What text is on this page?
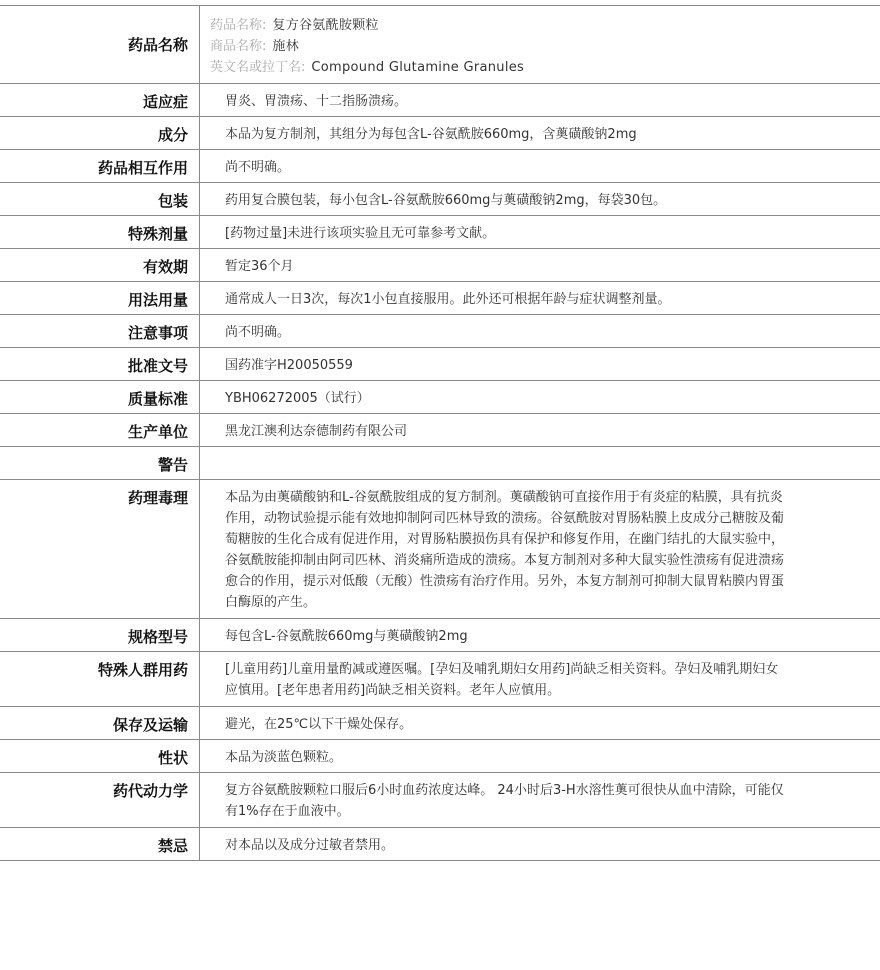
药品名称
药品名称: 复方谷氨酰胺颗粒
商品名称: 施林
英文名或拉丁名: Compound Glutamine Granules
适应症	胃炎、胃溃疡、十二指肠溃疡。
成分	本品为复方制剂，其组分为每包含L-谷氨酰胺660mg，含薁磺酸钠2mg
药品相互作用	尚不明确。
包装	药用复合膜包装，每小包含L-谷氨酰胺660mg与薁磺酸钠2mg，每袋30包。
特殊剂量	[药物过量]未进行该项实验且无可靠参考文献。
有效期	暂定36个月
用法用量	通常成人一日3次，每次1小包直接服用。此外还可根据年龄与症状调整剂量。
注意事项	尚不明确。
批准文号	国药准字H20050559
质量标准	YBH06272005（试行）
生产单位	黑龙江澳利达奈德制药有限公司
警告
药理毒理	本品为由薁磺酸钠和L-谷氨酰胺组成的复方制剂。薁磺酸钠可直接作用于有炎症的粘膜，具有抗炎作用，动物试验提示能有效地抑制阿司匹林导致的溃疡。谷氨酰胺对胃肠粘膜上皮成分己糖胺及葡萄糖胺的生化合成有促进作用，对胃肠粘膜损伤具有保护和修复作用，在幽门结扎的大鼠实验中，谷氨酰胺能抑制由阿司匹林、消炎痛所造成的溃疡。本复方制剂对多种大鼠实验性溃疡有促进溃疡愈合的作用，提示对低酸（无酸）性溃疡有治疗作用。另外，本复方制剂可抑制大鼠胃粘膜内胃蛋白酶原的产生。
规格型号	每包含L-谷氨酰胺660mg与薁磺酸钠2mg
特殊人群用药	[儿童用药]儿童用量酌减或遵医嘱。[孕妇及哺乳期妇女用药]尚缺乏相关资料。孕妇及哺乳期妇女应慎用。[老年患者用药]尚缺乏相关资料。老年人应慎用。
保存及运输	避光，在25℃以下干燥处保存。
性状	本品为淡蓝色颗粒。
药代动力学	复方谷氨酰胺颗粒口服后6小时血药浓度达峰。 24小时后3-H水溶性薁可很快从血中清除，可能仅有1%存在于血液中。
禁忌	对本品以及成分过敏者禁用。
